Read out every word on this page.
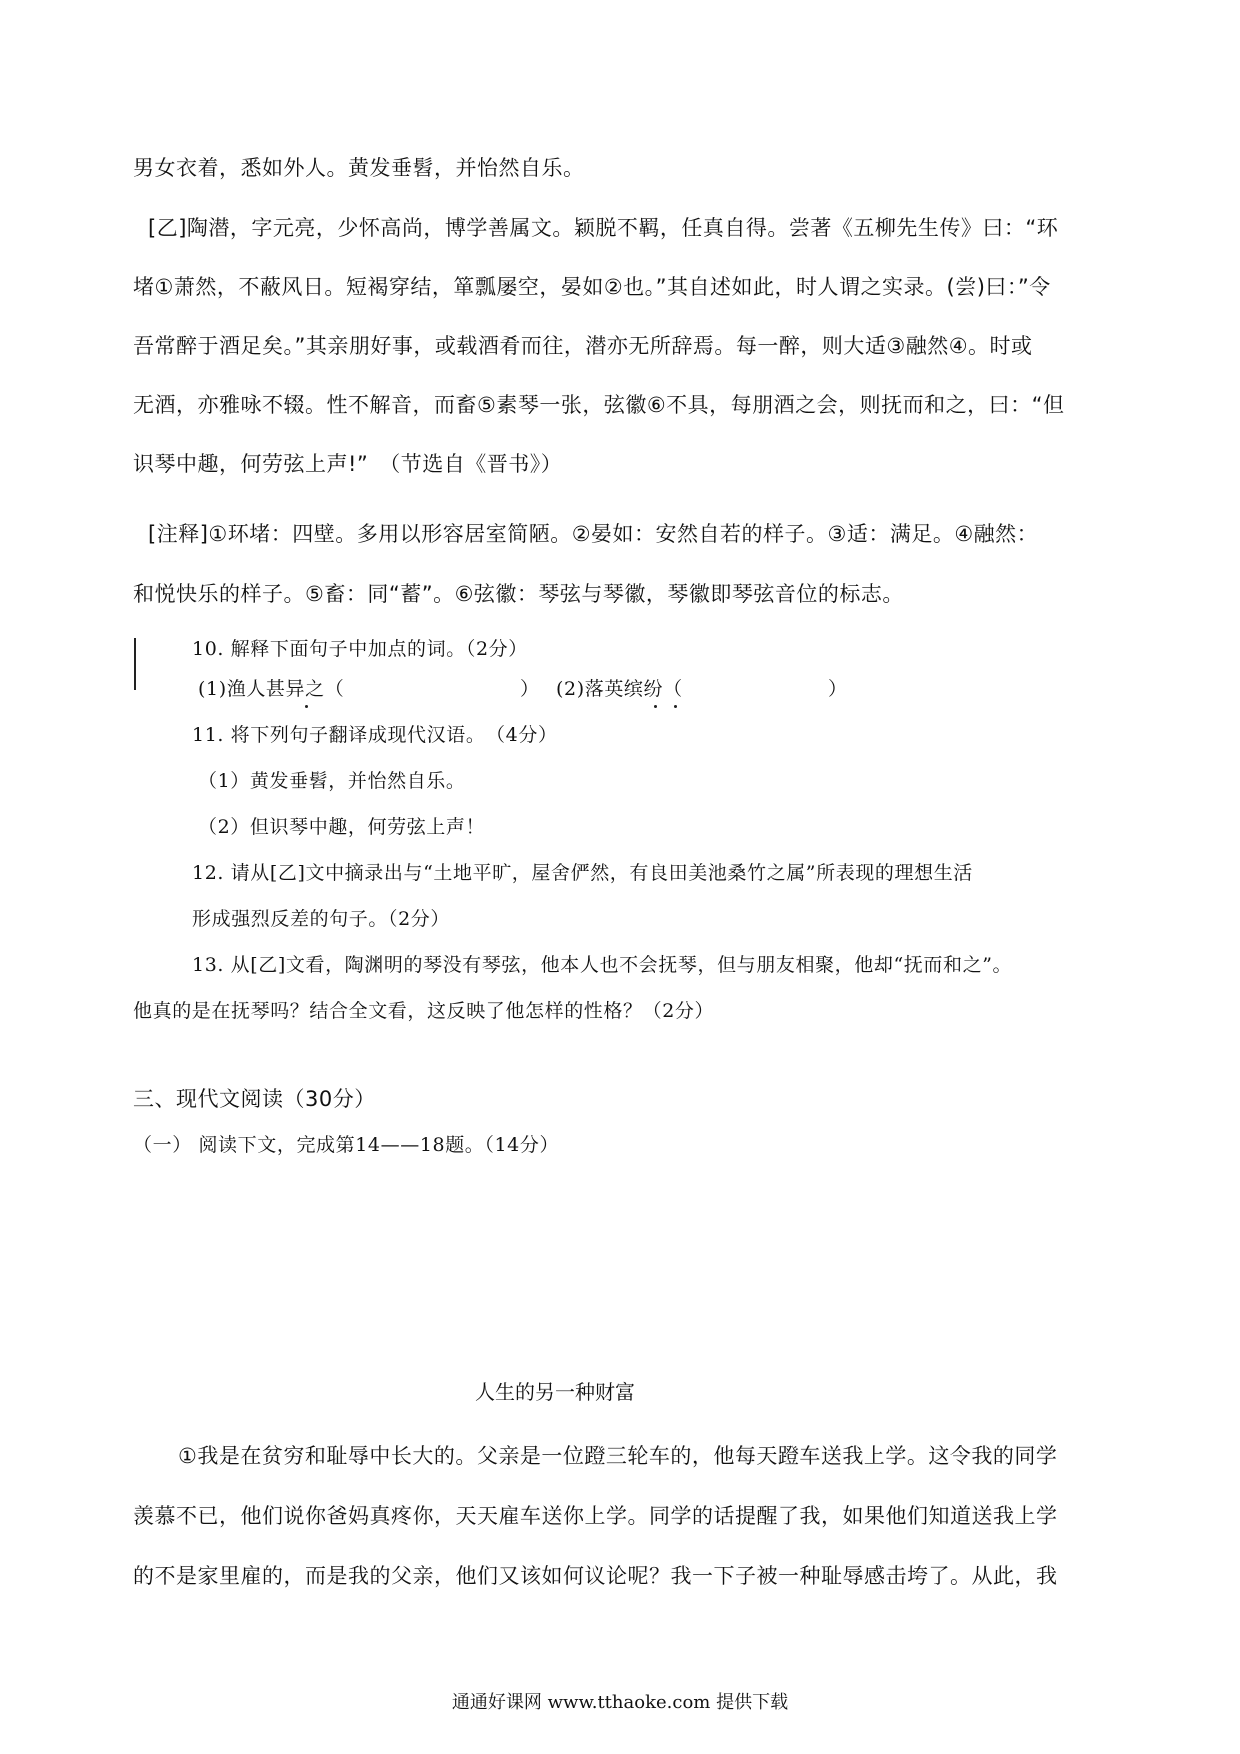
男女衣着，悉如外人。黄发垂髫，并怡然自乐。
[乙]陶潜，字元亮，少怀高尚，博学善属文。颖脱不羁，任真自得。尝著《五柳先生传》曰：“环
堵①萧然，不蔽风日。短褐穿结，箪瓢屡空，晏如②也。”其自述如此，时人谓之实录。(尝)曰：”令
吾常醉于酒足矣。”其亲朋好事，或载酒肴而往，潜亦无所辞焉。每一醉，则大适③融然④。时或
无酒，亦雅咏不辍。性不解音，而畜⑤素琴一张，弦徽⑥不具，每朋酒之会，则抚而和之，曰：“但
识琴中趣，何劳弦上声!”　（节选自《晋书》）
[注释]①环堵：四壁。多用以形容居室简陋。②晏如：安然自若的样子。③适：满足。④融然：
和悦快乐的样子。⑤畜：同“蓄”。⑥弦徽：琴弦与琴徽，琴徽即琴弦音位的标志。
10. 解释下面句子中加点的词。（2分）
(1)渔人甚异之（	） (2)落英缤纷（	）
11. 将下列句子翻译成现代汉语。　（4分）
（1）黄发垂髫，并怡然自乐。
（2）但识琴中趣，何劳弦上声！
12. 请从[乙]文中摘录出与“土地平旷，屋舍俨然，有良田美池桑竹之属”所表现的理想生活
形成强烈反差的句子。（2分）
13. 从[乙]文看，陶渊明的琴没有琴弦，他本人也不会抚琴，但与朋友相聚，他却“抚而和之”。
他真的是在抚琴吗？结合全文看，这反映了他怎样的性格？（2分）
三、现代文阅读（30分）
（一） 阅读下文，完成第14——18题。（14分）
人生的另一种财富
①我是在贫穷和耻辱中长大的。父亲是一位蹬三轮车的，他每天蹬车送我上学。这令我的同学
羡慕不已，他们说你爸妈真疼你，天天雇车送你上学。同学的话提醒了我，如果他们知道送我上学
的不是家里雇的，而是我的父亲，他们又该如何议论呢？我一下子被一种耻辱感击垮了。从此，我
通通好课网 www.tthaoke.com 提供下载
